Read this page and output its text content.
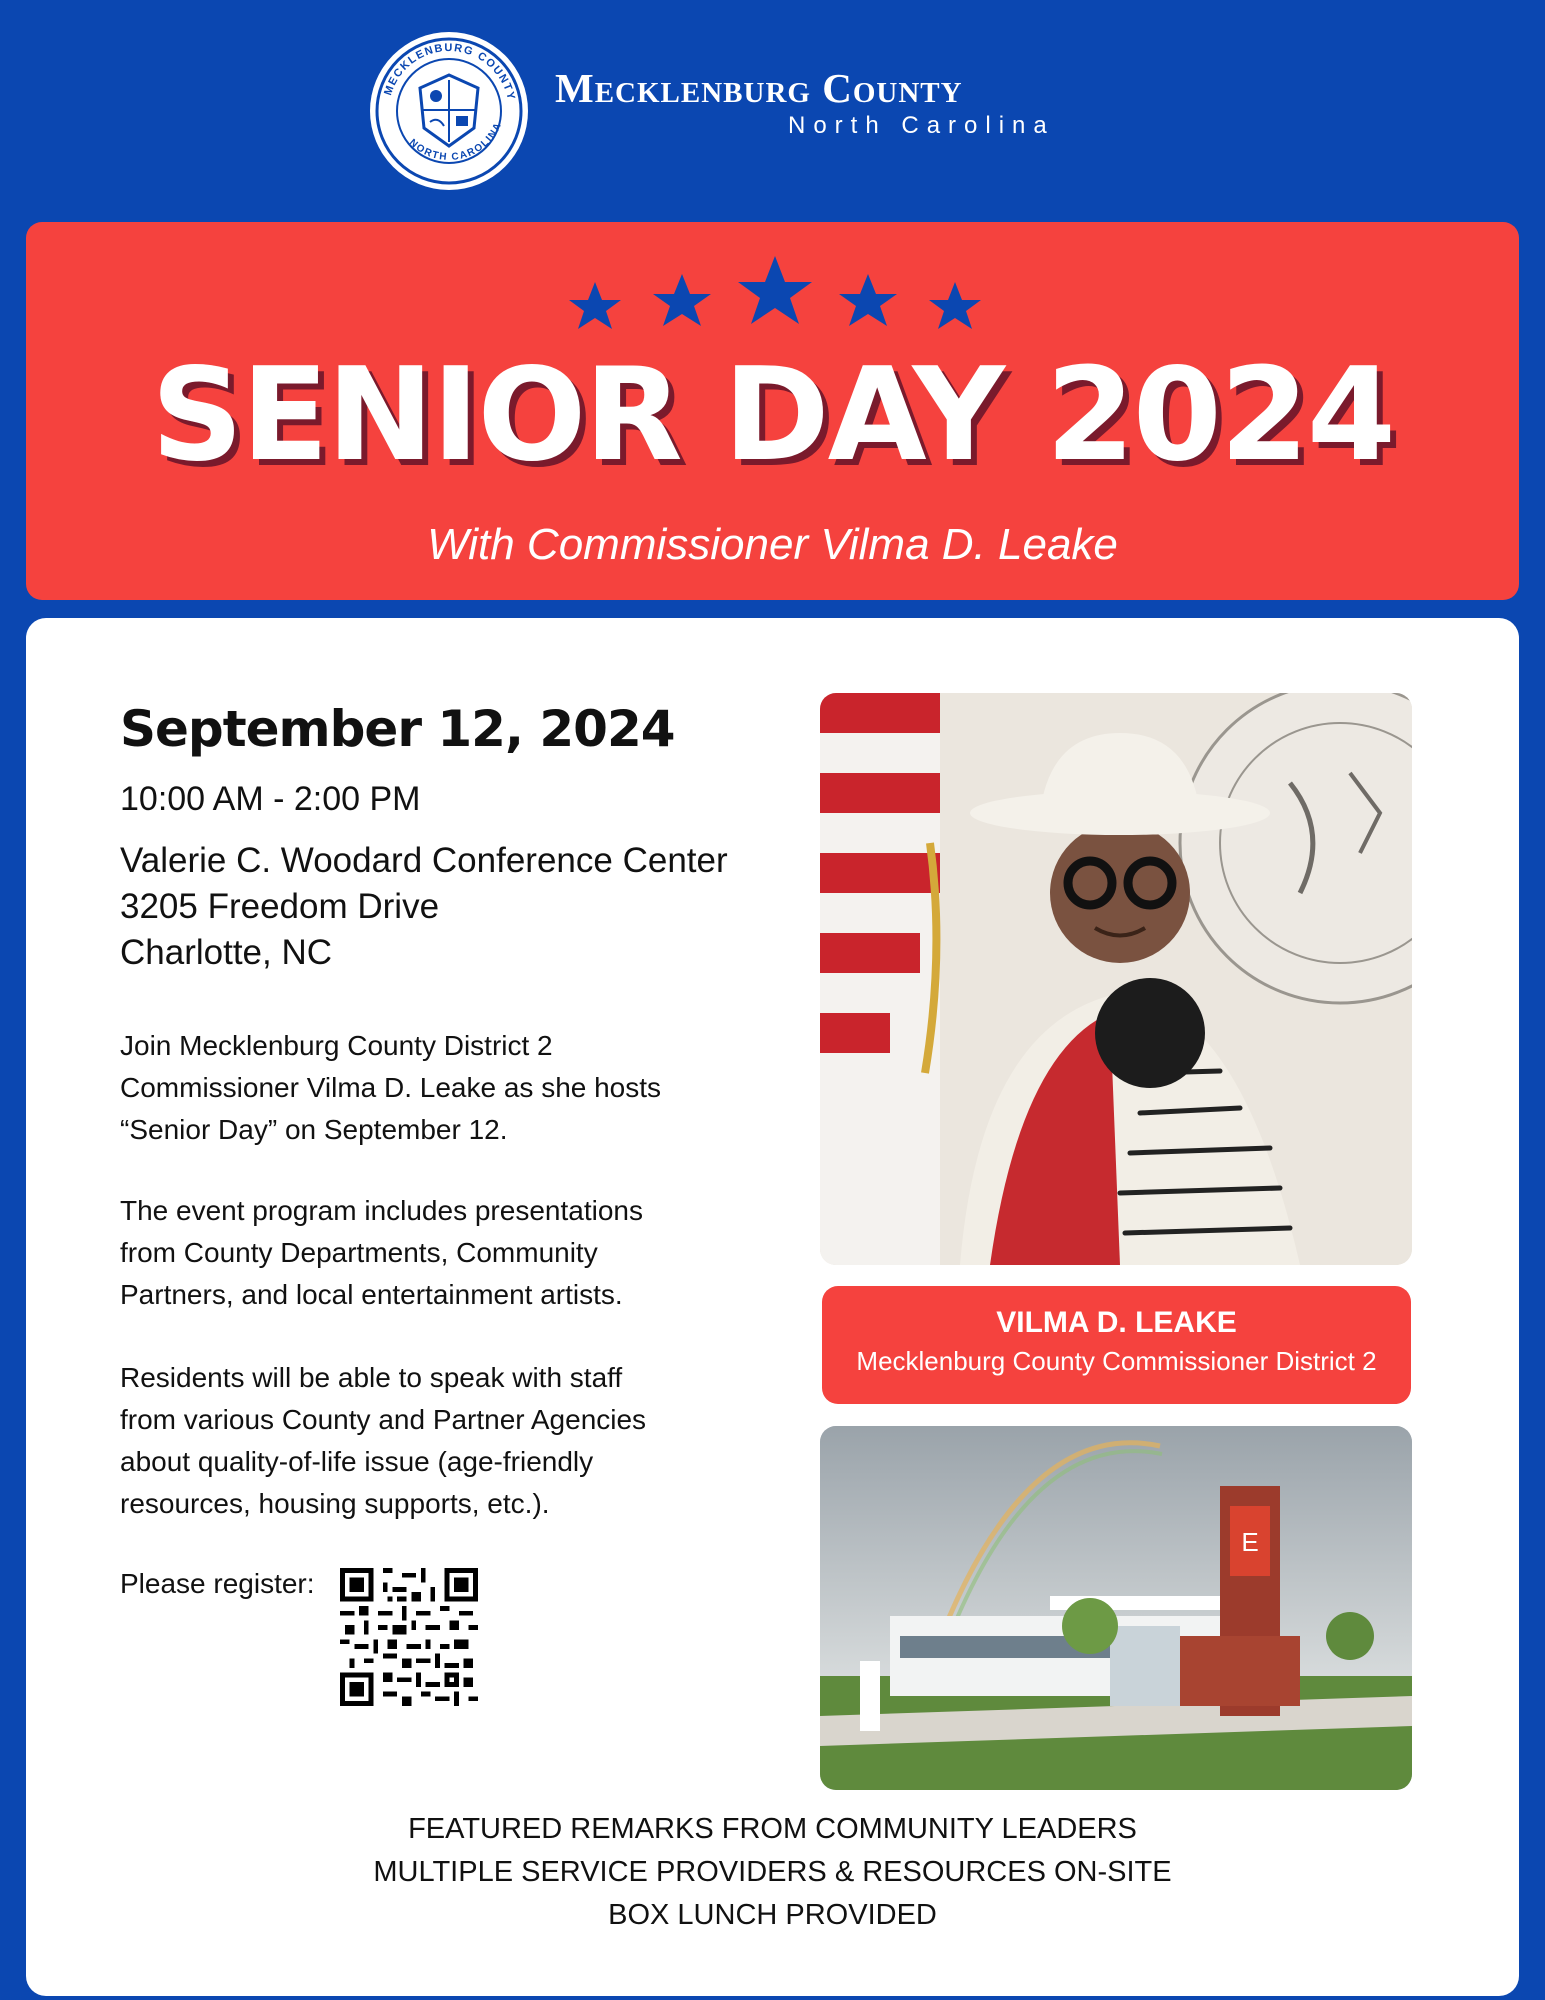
MECKLENBURG COUNTY
NORTH CAROLINA
Mecklenburg County
North Carolina
SENIOR DAY 2024
With Commissioner Vilma D. Leake
September 12, 2024
10:00 AM - 2:00 PM
Valerie C. Woodard Conference Center
3205 Freedom Drive
Charlotte, NC
Join Mecklenburg County District 2
Commissioner Vilma D. Leake as she hosts
“Senior Day” on September 12.
The event program includes presentations
from County Departments, Community
Partners, and local entertainment artists.
Residents will be able to speak with staff
from various County and Partner Agencies
about quality-of-life issue (age-friendly
resources, housing supports, etc.).
Please register:
VILMA D. LEAKE
Mecklenburg County Commissioner District 2
E
FEATURED REMARKS FROM COMMUNITY LEADERS
MULTIPLE SERVICE PROVIDERS & RESOURCES ON-SITE
BOX LUNCH PROVIDED
